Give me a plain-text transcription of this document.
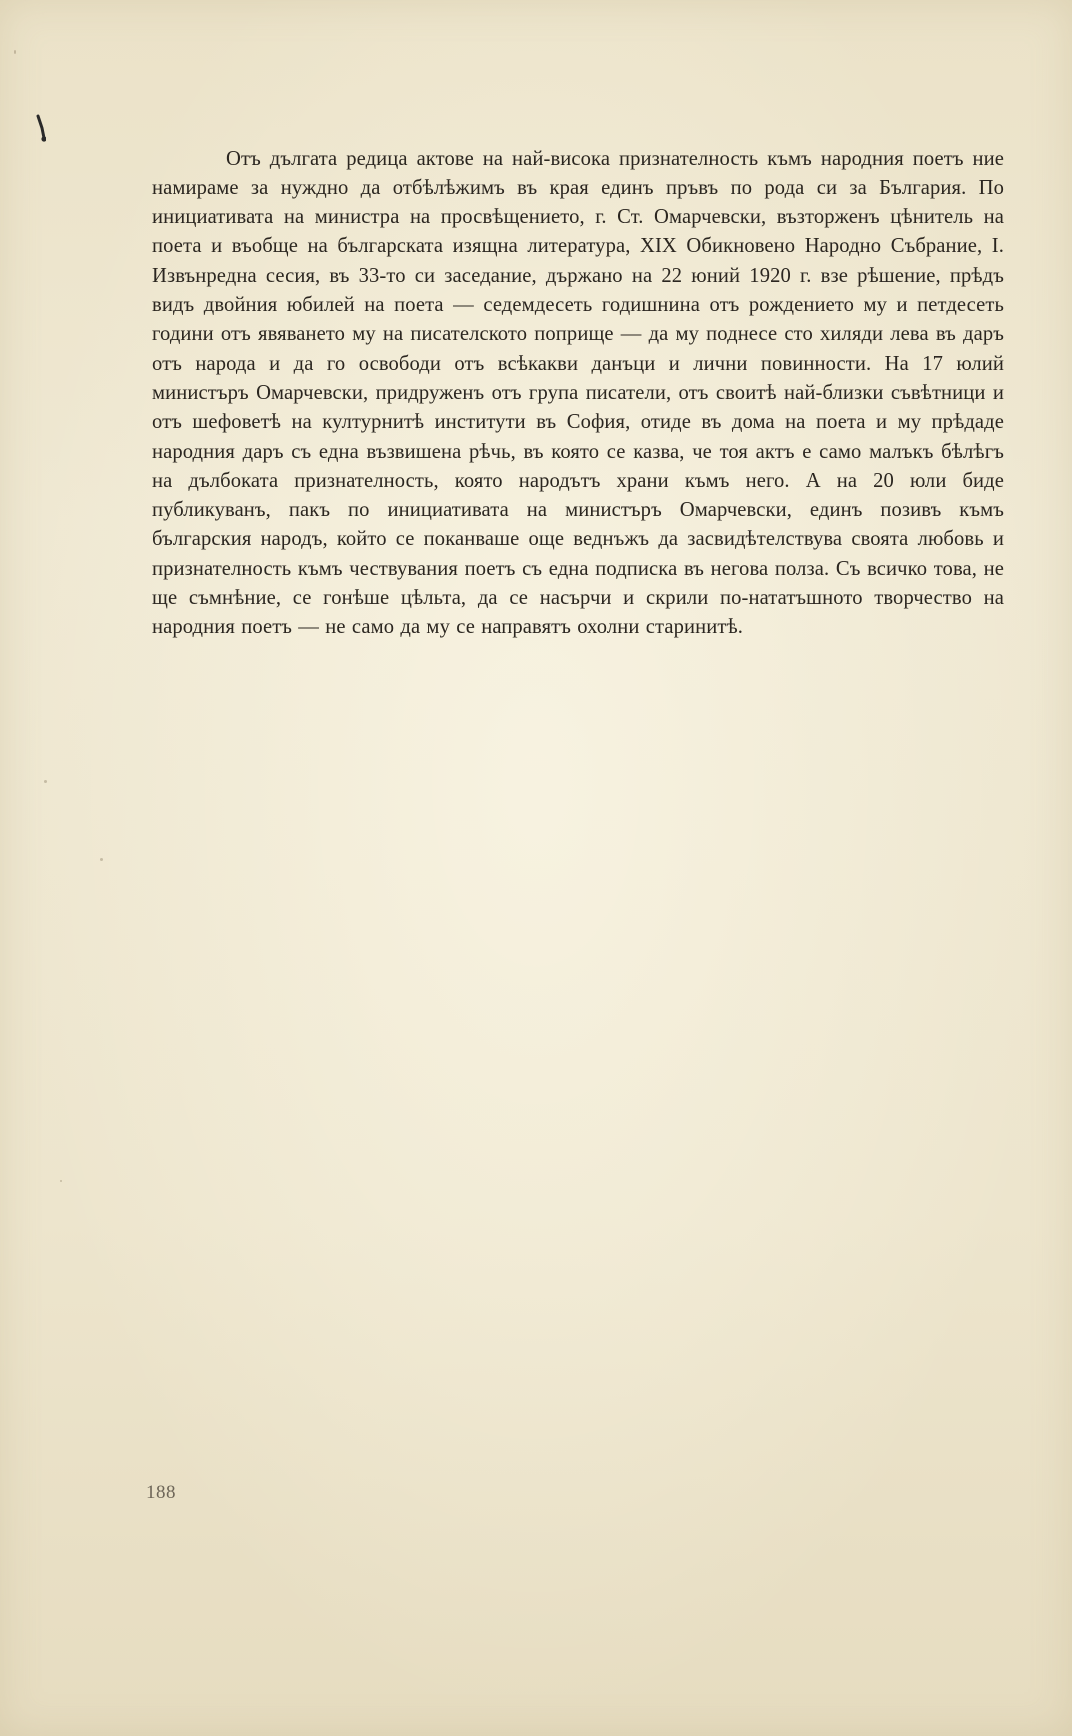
Отъ дългата редица актове на най-висока признателность къмъ народния поетъ ние намираме за нуждно да отбѣлѣжимъ въ края единъ пръвъ по рода си за България. По инициативата на министра на просвѣщението, г. Ст. Омарчевски, възторженъ цѣнитель на поета и въобще на българската изящна литература, XIX Обикновено Народно Събрание, I. Извънредна сесия, въ 33-то си заседание, държано на 22 юний 1920 г. взе рѣшение, прѣдъ видъ двойния юбилей на поета — седемдесеть годишнина отъ рождението му и петдесеть години отъ явяването му на писателското поприще — да му поднесе сто хиляди лева въ даръ отъ народа и да го освободи отъ всѣкакви данъци и лични повинности. На 17 юлий министъръ Омарчевски, придруженъ отъ група писатели, отъ своитѣ най-близки съвѣтници и отъ шефоветѣ на културнитѣ институти въ София, отиде въ дома на поета и му прѣдаде народния даръ съ една възвишена рѣчь, въ която се казва, че тоя актъ е само малъкъ бѣлѣгъ на дълбоката признателность, която народътъ храни къмъ него. А на 20 юли биде публикуванъ, пакъ по инициативата на министъръ Омарчевски, единъ позивъ къмъ българския народъ, който се поканваше още веднъжъ да засвидѣтелствува своята любовь и признателность къмъ чествувания поетъ съ една подписка въ негова полза. Съ всичко това, не ще съмнѣние, се гонѣше цѣльта, да се насърчи и скрили по-нататъшното творчество на народния поетъ — не само да му се направятъ охолни старинитѣ.

188
